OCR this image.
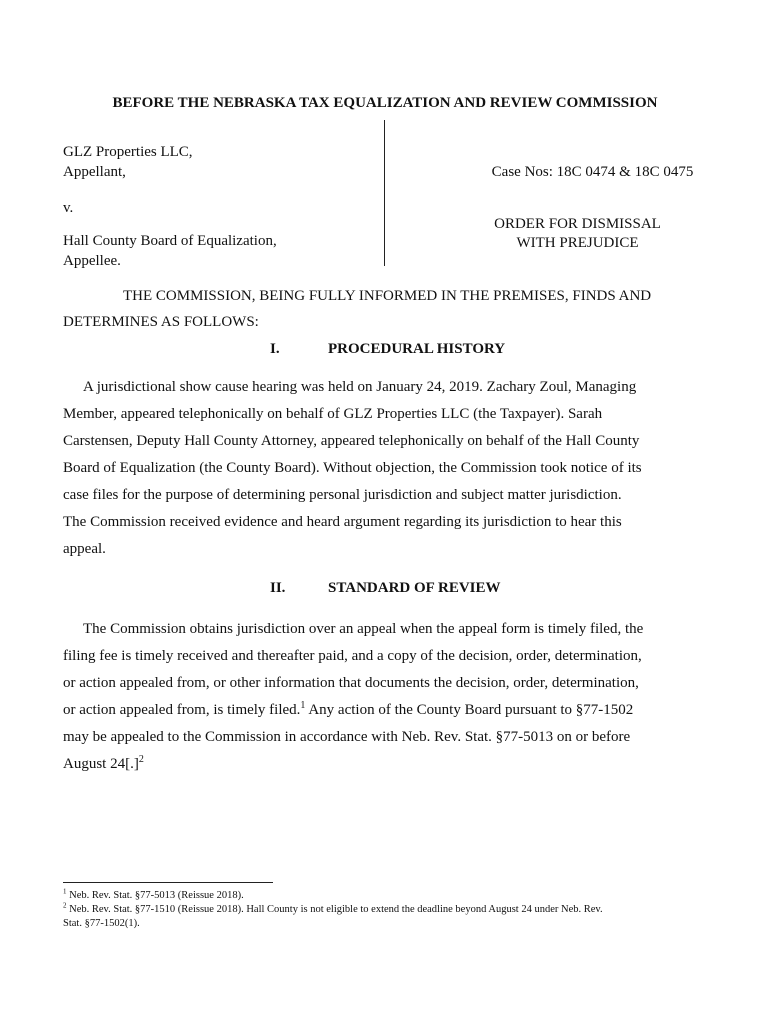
BEFORE THE NEBRASKA TAX EQUALIZATION AND REVIEW COMMISSION
GLZ Properties LLC,
Appellant,
v.
Hall County Board of Equalization,
Appellee.
Case Nos: 18C 0474 & 18C 0475
ORDER FOR DISMISSAL
WITH PREJUDICE
THE COMMISSION, BEING FULLY INFORMED IN THE PREMISES, FINDS AND
DETERMINES AS FOLLOWS:
I.	PROCEDURAL HISTORY
A jurisdictional show cause hearing was held on January 24, 2019. Zachary Zoul, Managing
Member, appeared telephonically on behalf of GLZ Properties LLC (the Taxpayer). Sarah
Carstensen, Deputy Hall County Attorney, appeared telephonically on behalf of the Hall County
Board of Equalization (the County Board). Without objection, the Commission took notice of its
case files for the purpose of determining personal jurisdiction and subject matter jurisdiction.
The Commission received evidence and heard argument regarding its jurisdiction to hear this
appeal.
II.	STANDARD OF REVIEW
The Commission obtains jurisdiction over an appeal when the appeal form is timely filed, the
filing fee is timely received and thereafter paid, and a copy of the decision, order, determination,
or action appealed from, or other information that documents the decision, order, determination,
or action appealed from, is timely filed.$^1$ Any action of the County Board pursuant to §77-1502
may be appealed to the Commission in accordance with Neb. Rev. Stat. §77-5013 on or before
August 24[.]$^2$
$^1$ Neb. Rev. Stat. §77-5013 (Reissue 2018).
$^2$ Neb. Rev. Stat. §77-1510 (Reissue 2018). Hall County is not eligible to extend the deadline beyond August 24 under Neb. Rev.
Stat. §77-1502(1).
